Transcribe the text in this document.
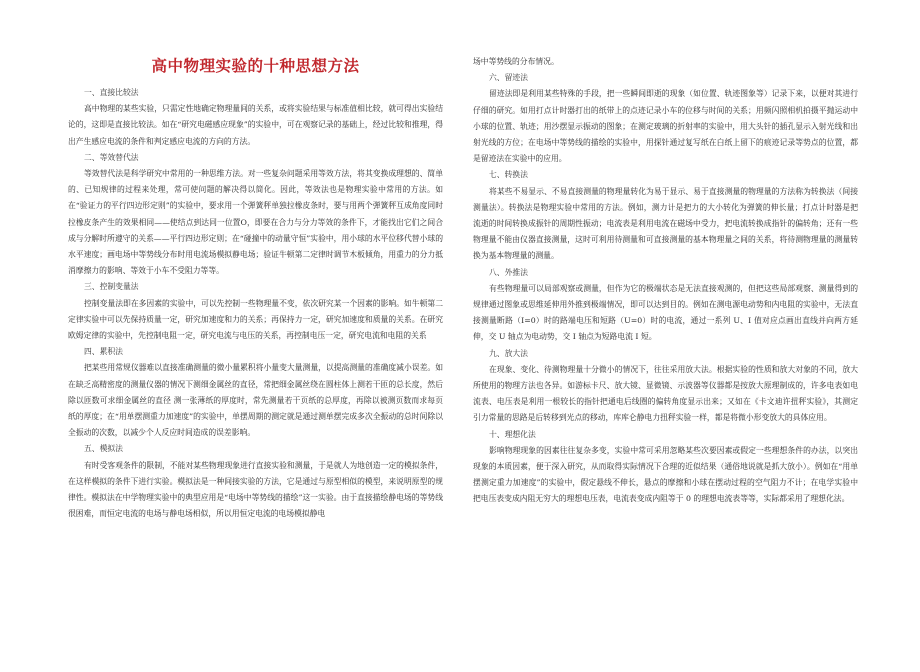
高中物理实验的十种思想方法

一、直接比较法

高中物理的某些实验，只需定性地确定物理量间的关系，或将实验结果与标准值相比较，就可得出实验结论的，这即是直接比较法。如在“研究电磁感应现象”的实验中，可在观察记录的基础上，经过比较和推理，得出产生感应电流的条件和判定感应电流的方向的方法。

二、等效替代法

等效替代法是科学研究中常用的一种思维方法。对一些复杂问题采用等效方法，将其变换成理想的、简单的、已知规律的过程来处理，常可使问题的解决得以简化。因此，等效法也是物理实验中常用的方法。如在“验证力的平行四边形定则”的实验中，要求用一个弹簧秤单独拉橡皮条时，要与用两个弹簧秤互成角度同时拉橡皮条产生的效果相同——使结点到达同一位置O，即要在合力与分力等效的条件下，才能找出它们之间合成与分解时所遵守的关系——平行四边形定则；在“碰撞中的动量守恒”实验中，用小球的水平位移代替小球的水平速度；画电场中等势线分布时用电流场模拟静电场；验证牛顿第二定律时调节木板倾角，用重力的分力抵消摩擦力的影响、等效于小车不受阻力等等。

三、控制变量法

控制变量法即在多因素的实验中，可以先控制一些物理量不变，依次研究某一个因素的影响。如牛顿第二定律实验中可以先保持质量一定，研究加速度和力的关系；再保持力一定，研究加速度和质量的关系。在研究欧姆定律的实验中，先控制电阻一定，研究电流与电压的关系，再控制电压一定，研究电流和电阻的关系

四、累积法

把某些用常规仪器难以直接准确测量的微小量累积将小量变大量测量，以提高测量的准确度减小误差。如在缺乏高精密度的测量仪器的情况下测细金属丝的直径，常把细金属丝绕在圆柱体上测若干匝的总长度，然后除以匝数可求细金属丝的直径 测一张薄纸的厚度时，常先测量若干页纸的总厚度，再除以被测页数而求每页纸的厚度；在“用单摆测重力加速度”的实验中，单摆周期的测定就是通过测单摆完成多次全振动的总时间除以全振动的次数，以减少个人反应时间造成的误差影响。

五、模拟法

有时受客观条件的限制，不能对某些物理现象进行直接实验和测量，于是就人为地创造一定的模拟条件，在这样模拟的条件下进行实验。模拟法是一种间接实验的方法，它是通过与原型相似的模型，来说明原型的规律性。模拟法在中学物理实验中的典型应用是“电场中等势线的描绘”这一实验。由于直接描绘静电场的等势线很困难，而恒定电流的电场与静电场相似，所以用恒定电流的电场模拟静电

场中等势线的分布情况。

六、留迹法

留迹法即是利用某些特殊的手段，把一些瞬间即逝的现象（如位置、轨迹图象等）记录下来，以便对其进行仔细的研究。如用打点计时器打出的纸带上的点迹记录小车的位移与时间的关系；用频闪照相机拍摄平抛运动中小球的位置、轨迹；用沙摆显示振动的图象；在测定玻璃的折射率的实验中，用大头针的插孔显示入射光线和出射光线的方位；在电场中等势线的描绘的实验中，用探针通过复写纸在白纸上留下的痕迹记录等势点的位置，都是留迹法在实验中的应用。

七、转换法

将某些不易显示、不易直接测量的物理量转化为易于显示、易于直接测量的物理量的方法称为转换法（间接测量法）。转换法是物理实验中常用的方法。例如，测力计是把力的大小转化为弹簧的伸长量；打点计时器是把流逝的时间转换成振针的周期性振动；电流表是利用电流在磁场中受力，把电流转换成指针的偏转角；还有一些物理量不能由仪器直接测量，这时可利用待测量和可直接测量的基本物理量之间的关系，将待测物理量的测量转换为基本物理量的测量。

八、外推法

有些物理量可以局部观察或测量，但作为它的极端状态是无法直接观测的，但把这些局部观察、测量得到的规律通过图象或思维延伸用外推到极端情况，即可以达到目的。例如在测电源电动势和内电阻的实验中，无法直接测量断路（I=0）时的路端电压和短路（U=0）时的电流，通过一系列 U、I 值对应点画出直线并向两方延伸，交 U 轴点为电动势，交 I 轴点为短路电流 I 短。

九、放大法

在现象、变化、待测物理量十分微小的情况下，往往采用放大法。根据实验的性质和放大对象的不同，放大所使用的物理方法也各异。如游标卡尺、放大镜、显微镜、示波器等仪器都是按放大原理制成的，许多电表如电流表、电压表是利用一根较长的指针把通电后线圈的偏转角度显示出来；又如在《卡文迪许扭秤实验》，其测定引力常量的思路是后转移到光点的移动，库库仑静电力扭秤实验一样，都是将微小形变放大的具体应用。

十、理想化法

影响物理现象的因素往往复杂多变，实验中常可采用忽略某些次要因素或假定一些理想条件的办法，以突出现象的本质因素，便于深入研究，从而取得实际情况下合理的近似结果（通俗地说就是抓大放小）。例如在“用单摆测定重力加速度”的实验中，假定悬线不伸长，悬点的摩擦和小球在摆动过程的空气阻力不计；在电学实验中把电压表变成内阻无穷大的理想电压表，电流表变成内阻等于 0 的理想电流表等等，实际都采用了理想化法。
